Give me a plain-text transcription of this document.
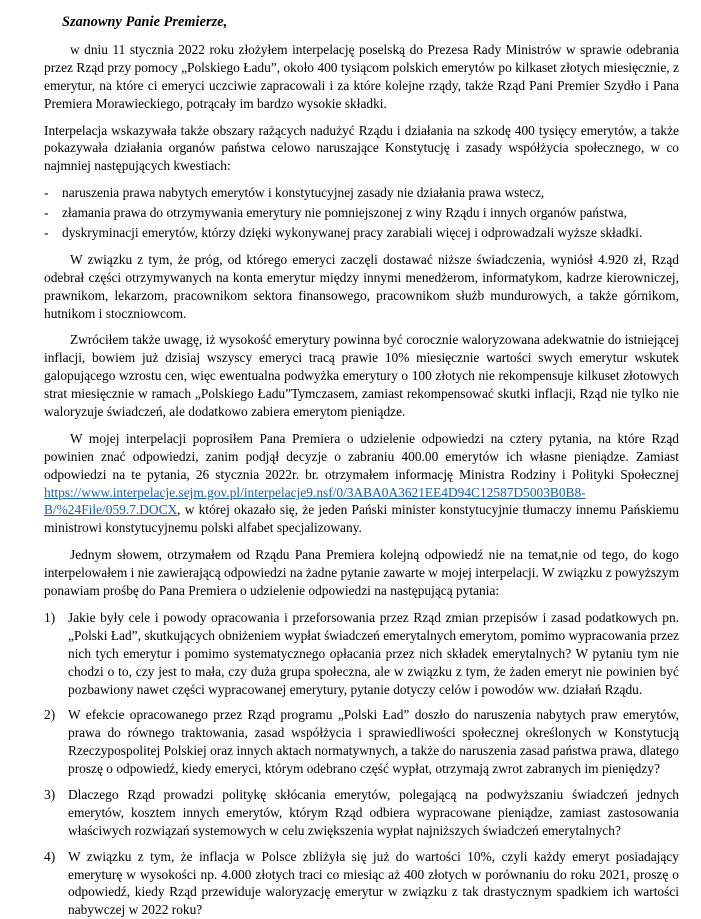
Szanowny Panie Premierze,

w dniu 11 stycznia 2022 roku złożyłem interpelację poselską do Prezesa Rady Ministrów w sprawie odebrania przez Rząd przy pomocy „Polskiego Ładu”, około 400 tysiącom polskich emerytów po kilkaset złotych miesięcznie, z emerytur, na które ci emeryci uczciwie zapracowali i za które kolejne rządy, także Rząd Pani Premier Szydło i Pana Premiera Morawieckiego, potrącały im bardzo wysokie składki.

Interpelacja wskazywała także obszary rażących nadużyć Rządu i działania na szkodę 400 tysięcy emerytów, a także pokazywała działania organów państwa celowo naruszające Konstytucję i zasady współżycia społecznego, w co najmniej następujących kwestiach:

- naruszenia prawa nabytych emerytów i konstytucyjnej zasady nie działania prawa wstecz,
- złamania prawa do otrzymywania emerytury nie pomniejszonej z winy Rządu i innych organów państwa,
- dyskryminacji emerytów, którzy dzięki wykonywanej pracy zarabiali więcej i odprowadzali wyższe składki.

W związku z tym, że próg, od którego emeryci zaczęli dostawać niższe świadczenia, wyniósł 4.920 zł, Rząd odebrał części otrzymywanych na konta emerytur między innymi menedżerom, informatykom, kadrze kierowniczej, prawnikom, lekarzom, pracownikom sektora finansowego, pracownikom służb mundurowych, a także górnikom, hutnikom i stoczniowcom.

Zwróciłem także uwagę, iż wysokość emerytury powinna być corocznie waloryzowana adekwatnie do istniejącej inflacji, bowiem już dzisiaj wszyscy emeryci tracą prawie 10% miesięcznie wartości swych emerytur wskutek galopującego wzrostu cen, więc ewentualna podwyżka emerytury o 100 złotych nie rekompensuje kilkuset złotowych strat miesięcznie w ramach „Polskiego Ładu”Tymczasem, zamiast rekompensować skutki inflacji, Rząd nie tylko nie waloryzuje świadczeń, ale dodatkowo zabiera emerytom pieniądze.

W mojej interpelacji poprosiłem Pana Premiera o udzielenie odpowiedzi na cztery pytania, na które Rząd powinien znać odpowiedzi, zanim podjął decyzje o zabraniu 400.00 emerytów ich własne pieniądze. Zamiast odpowiedzi na te pytania, 26 stycznia 2022r. br. otrzymałem informację Ministra Rodziny i Polityki Społecznej https://www.interpelacje.sejm.gov.pl/interpelacje9.nsf/0/3ABA0A3621EE4D94C12587D5003B0B8-B/%24File/059.7.DOCX, w której okazało się, że jeden Pański minister konstytucyjnie tłumaczy innemu Pańskiemu ministrowi konstytucyjnemu polski alfabet specjalizowany.

Jednym słowem, otrzymałem od Rządu Pana Premiera kolejną odpowiedź nie na temat,nie od tego, do kogo interpelowałem i nie zawierającą odpowiedzi na żadne pytanie zawarte w mojej interpelacji. W związku z powyższym ponawiam prośbę do Pana Premiera o udzielenie odpowiedzi na następującą pytania:

1) Jakie były cele i powody opracowania i przeforsowania przez Rząd zmian przepisów i zasad podatkowych pn. „Polski Ład”, skutkujących obniżeniem wypłat świadczeń emerytalnych emerytom, pomimo wypracowania przez nich tych emerytur i pomimo systematycznego opłacania przez nich składek emerytalnych? W pytaniu tym nie chodzi o to, czy jest to mała, czy duża grupa społeczna, ale w związku z tym, że żaden emeryt nie powinien być pozbawiony nawet części wypracowanej emerytury, pytanie dotyczy celów i powodów ww. działań Rządu.
2) W efekcie opracowanego przez Rząd programu „Polski Ład” doszło do naruszenia nabytych praw emerytów, prawa do równego traktowania, zasad współżycia i sprawiedliwości społecznej określonych w Konstytucją Rzeczypospolitej Polskiej oraz innych aktach normatywnych, a także do naruszenia zasad państwa prawa, dlatego proszę o odpowiedź, kiedy emeryci, którym odebrano część wypłat, otrzymają zwrot zabranych im pieniędzy?
3) Dlaczego Rząd prowadzi politykę skłócania emerytów, polegającą na podwyższaniu świadczeń jednych emerytów, kosztem innych emerytów, którym Rząd odbiera wypracowane pieniądze, zamiast zastosowania właściwych rozwiązań systemowych w celu zwiększenia wypłat najniższych świadczeń emerytalnych?
4) W związku z tym, że inflacja w Polsce zbliżyła się już do wartości 10%, czyli każdy emeryt posiadający emeryturę w wysokości np. 4.000 złotych traci co miesiąc aż 400 złotych w porównaniu do roku 2021, proszę o odpowiedź, kiedy Rząd przewiduje waloryzację emerytur w związku z tak drastycznym spadkiem ich wartości nabywczej w 2022 roku?
